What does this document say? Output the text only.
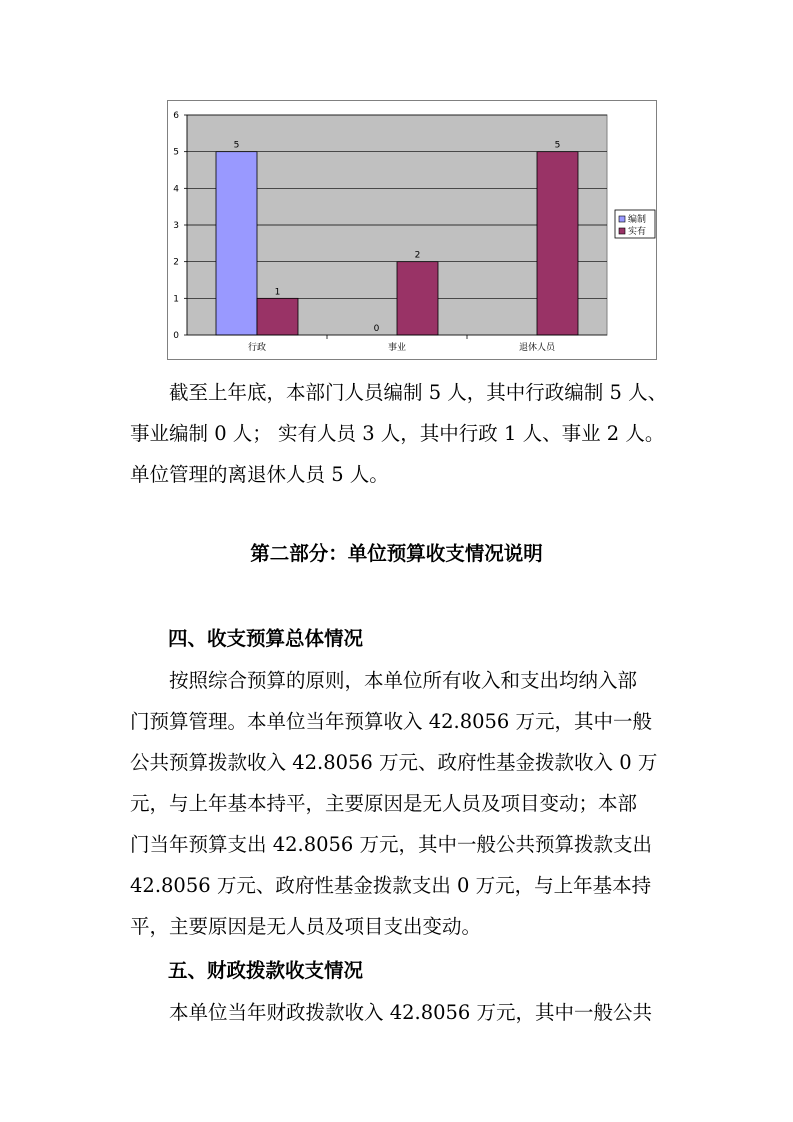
5
1
0
2
5
0
1
2
3
4
5
6
行政	事业	退休人员
编制
实有
截至上年底，本部门人员编制 5 人，其中行政编制 5 人、
事业编制 0 人； 实有人员 3 人，其中行政 1 人、事业 2 人。
单位管理的离退休人员 5 人。
第二部分：单位预算收支情况说明
四、收支预算总体情况
按照综合预算的原则，本单位所有收入和支出均纳入部
门预算管理。本单位当年预算收入 42.8056 万元，其中一般
公共预算拨款收入 42.8056 万元、政府性基金拨款收入 0 万
元，与上年基本持平，主要原因是无人员及项目变动；本部
门当年预算支出 42.8056 万元，其中一般公共预算拨款支出
42.8056 万元、政府性基金拨款支出 0 万元，与上年基本持
平，主要原因是无人员及项目支出变动。
五、财政拨款收支情况
本单位当年财政拨款收入 42.8056 万元，其中一般公共
